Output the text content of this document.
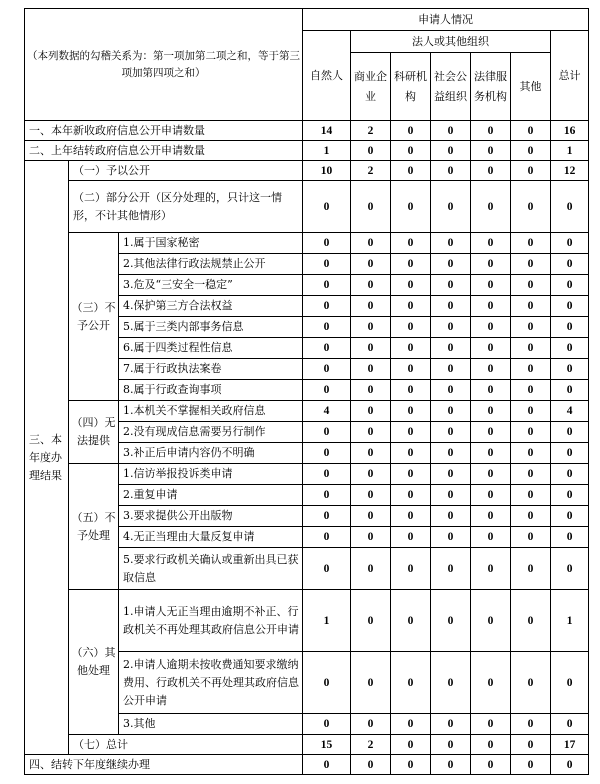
（本列数据的勾稽关系为：第一项加第二项之和，等于第三项加第四项之和）			申请人情况						
			自然人	法人或其他组织					总计
				商业企业	科研机构	社会公益组织	法律服务机构	其他	
一、本年新收政府信息公开申请数量			14	2	0	0	0	0	16
二、上年结转政府信息公开申请数量			1	0	0	0	0	0	1
三、本年度办理结果	（一）予以公开		10	2	0	0	0	0	12
	（二）部分公开（区分处理的，只计这一情形，不计其他情形）		0	0	0	0	0	0	0
	（三）不予公开	1.属于国家秘密	0	0	0	0	0	0	0
		2.其他法律行政法规禁止公开	0	0	0	0	0	0	0
		3.危及“三安全一稳定”	0	0	0	0	0	0	0
		4.保护第三方合法权益	0	0	0	0	0	0	0
		5.属于三类内部事务信息	0	0	0	0	0	0	0
		6.属于四类过程性信息	0	0	0	0	0	0	0
		7.属于行政执法案卷	0	0	0	0	0	0	0
		8.属于行政查询事项	0	0	0	0	0	0	0
	（四）无法提供	1.本机关不掌握相关政府信息	4	0	0	0	0	0	4
		2.没有现成信息需要另行制作	0	0	0	0	0	0	0
		3.补正后申请内容仍不明确	0	0	0	0	0	0	0
	（五）不予处理	1.信访举报投诉类申请	0	0	0	0	0	0	0
		2.重复申请	0	0	0	0	0	0	0
		3.要求提供公开出版物	0	0	0	0	0	0	0
		4.无正当理由大量反复申请	0	0	0	0	0	0	0
		5.要求行政机关确认或重新出具已获取信息	0	0	0	0	0	0	0
	（六）其他处理	1.申请人无正当理由逾期不补正、行政机关不再处理其政府信息公开申请	1	0	0	0	0	0	1
		2.申请人逾期未按收费通知要求缴纳费用、行政机关不再处理其政府信息公开申请	0	0	0	0	0	0	0
		3.其他	0	0	0	0	0	0	0
	（七）总计		15	2	0	0	0	0	17
四、结转下年度继续办理			0	0	0	0	0	0	0
